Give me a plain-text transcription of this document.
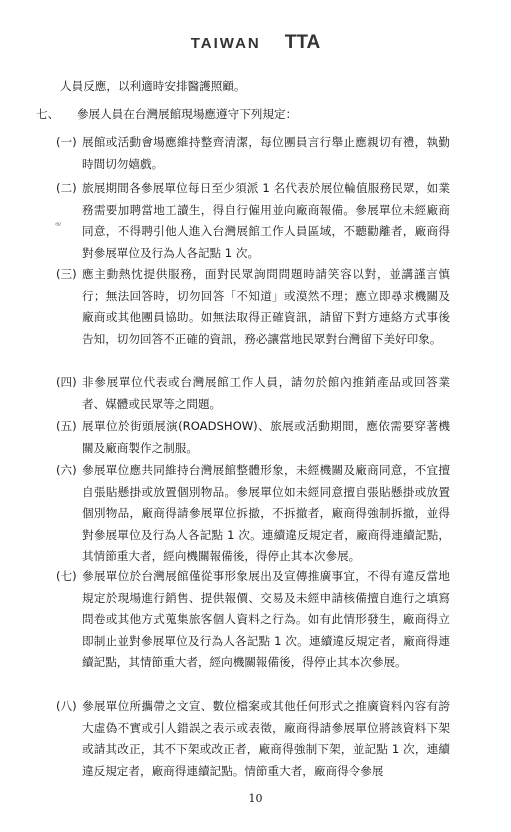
TAIWAN TTA
人員反應，以利適時安排醫護照顧。
七、 參展人員在台灣展館現場應遵守下列規定：
(一) 展館或活動會場應維持整齊清潔，每位團員言行舉止應親切有禮，執勤時間切勿嬉戲。
(二) 旅展期間各參展單位每日至少須派 1 名代表於展位輪值服務民眾，如業務需要加聘當地工讀生，得自行僱用並向廠商報備。參展單位未經廠商同意，不得聘引他人進入台灣展館工作人員區域，不聽勸離者，廠商得對參展單位及行為人各記點 1 次。
(三) 應主動熱忱提供服務，面對民眾詢問問題時請笑容以對，並講謹言慎行；無法回答時，切勿回答「不知道」或漠然不理；應立即尋求機關及廠商或其他團員協助。如無法取得正確資訊，請留下對方連絡方式事後告知，切勿回答不正確的資訊，務必讓當地民眾對台灣留下美好印象。
(四) 非參展單位代表或台灣展館工作人員，請勿於館內推銷產品或回答業者、媒體或民眾等之問題。
(五) 展單位於街頭展演(ROADSHOW)、旅展或活動期間，應依需要穿著機關及廠商製作之制服。
(六) 參展單位應共同維持台灣展館整體形象，未經機關及廠商同意，不宜擅自張貼懸掛或放置個別物品。參展單位如未經同意擅自張貼懸掛或放置個別物品，廠商得請參展單位拆撤，不拆撤者，廠商得強制拆撤，並得對參展單位及行為人各記點 1 次。連續違反規定者，廠商得連續記點，其情節重大者，經向機關報備後，得停止其本次參展。
(七) 參展單位於台灣展館僅從事形象展出及宣傳推廣事宜，不得有違反當地規定於現場進行銷售、提供報價、交易及未經申請核備擅自進行之填寫問卷或其他方式蒐集旅客個人資料之行為。如有此情形發生，廠商得立即制止並對參展單位及行為人各記點 1 次。連續違反規定者，廠商得連續記點，其情節重大者，經向機關報備後，得停止其本次參展。
(八) 參展單位所攜帶之文宣、數位檔案或其他任何形式之推廣資料內容有誇大虛偽不實或引人錯誤之表示或表徵，廠商得請參展單位將該資料下架或請其改正，其不下架或改正者，廠商得強制下架，並記點 1 次，連續違反規定者，廠商得連續記點。情節重大者，廠商得令參展
ᵆ
10
